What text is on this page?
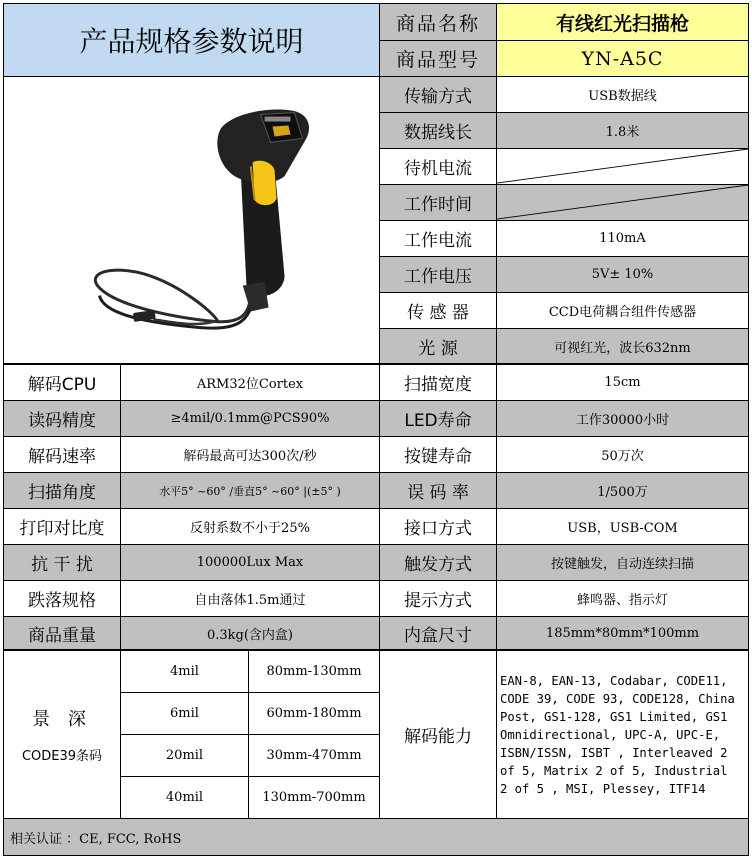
产品规格参数说明
商品名称	有线红光扫描枪
商品型号	YN-A5C
传输方式	USB数据线
数据线长	1.8米
待机电流
工作时间
工作电流	110mA
工作电压	5V± 10%
传 感 器	CCD电荷耦合组件传感器
光 源	可视红光，波长632nm
解码CPU	ARM32位Cortex	扫描宽度	15cm
读码精度	≥4mil/0.1mm@PCS90%	LED寿命	工作30000小时
解码速率	解码最高可达300次/秒	按键寿命	50万次
扫描角度	水平5° ~60° /垂直5° ~60° |(±5° )	误 码 率	1/500万
打印对比度	反射系数不小于25%	接口方式	USB，USB-COM
抗 干 扰	100000Lux Max	触发方式	按键触发，自动连续扫描
跌落规格	自由落体1.5m通过	提示方式	蜂鸣器、指示灯
商品重量	0.3kg(含内盒)	内盒尺寸	185mm*80mm*100mm
景 深
CODE39条码
4mil	80mm-130mm
6mil	60mm-180mm
20mil	30mm-470mm
40mil	130mm-700mm
解码能力
EAN-8, EAN-13, Codabar, CODE11,
CODE 39, CODE 93, CODE128, China
Post, GS1-128, GS1 Limited, GS1
Omnidirectional, UPC-A, UPC-E,
ISBN/ISSN, ISBT , Interleaved 2
of 5, Matrix 2 of 5, Industrial
2 of 5 , MSI, Plessey, ITF14
相关认证 ：CE, FCC, RoHS
